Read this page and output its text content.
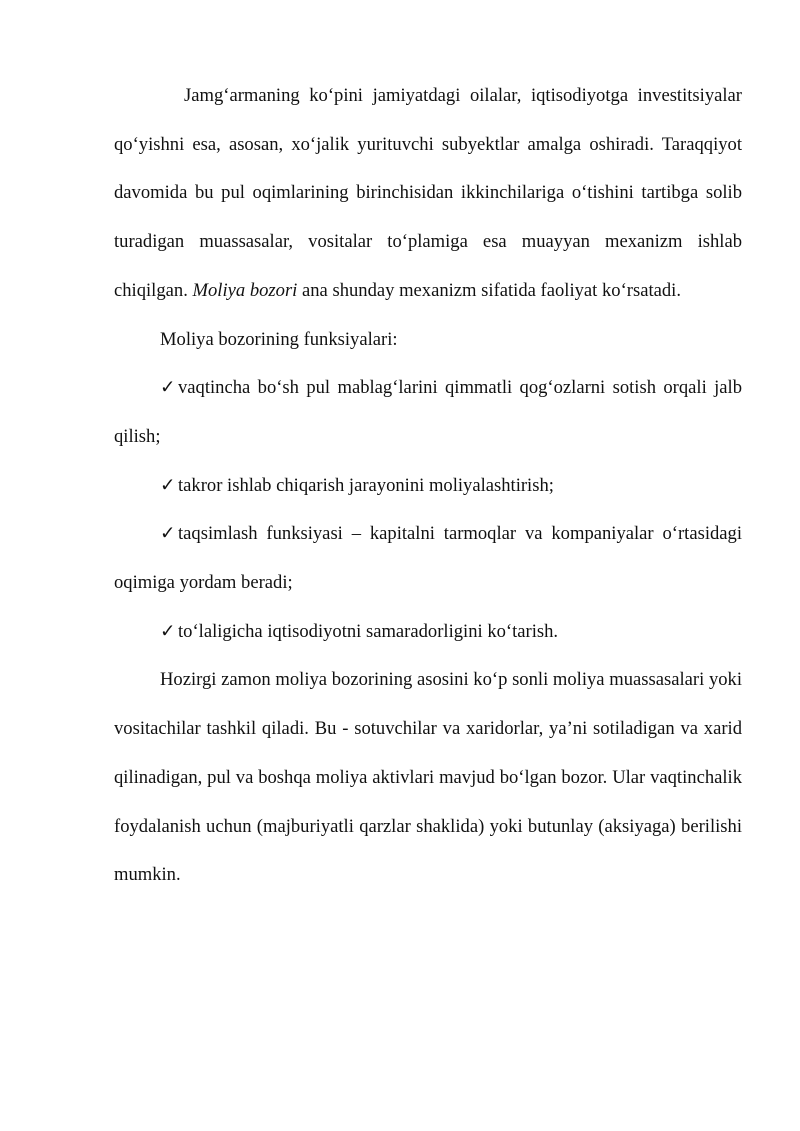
Jamg‘armaning ko‘pini jamiyatdagi oilalar, iqtisodiyotga investitsiyalar qo‘yishni esa, asosan, xo‘jalik yurituvchi subyektlar amalga oshiradi. Taraqqiyot davomida bu pul oqimlarining birinchisidan ikkinchilariga o‘tishini tartibga solib turadigan muassasalar, vositalar to‘plamiga esa muayyan mexanizm ishlab chiqilgan. Moliya bozori ana shunday mexanizm sifatida faoliyat ko‘rsatadi.

Moliya bozorining funksiyalari:

✓ vaqtincha bo‘sh pul mablag‘larini qimmatli qog‘ozlarni sotish orqali jalb qilish;

✓ takror ishlab chiqarish jarayonini moliyalashtirish;

✓ taqsimlash funksiyasi – kapitalni tarmoqlar va kompaniyalar o‘rtasidagi oqimiga yordam beradi;

✓ to‘laligicha iqtisodiyotni samaradorligini ko‘tarish.

Hozirgi zamon moliya bozorining asosini ko‘p sonli moliya muassasalari yoki vositachilar tashkil qiladi. Bu - sotuvchilar va xaridorlar, ya’ni sotiladigan va xarid qilinadigan, pul va boshqa moliya aktivlari mavjud bo‘lgan bozor. Ular vaqtinchalik foydalanish uchun (majburiyatli qarzlar shaklida) yoki butunlay (aksiyaga) berilishi mumkin.
